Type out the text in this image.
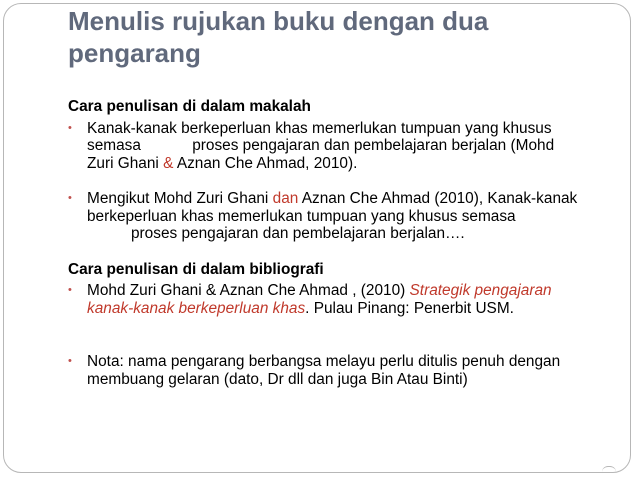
Menulis rujukan buku dengan dua pengarang

Cara penulisan di dalam makalah

• Kanak-kanak berkeperluan khas memerlukan tumpuan yang khusus
semasa	proses pengajaran dan pembelajaran berjalan (Mohd
Zuri Ghani & Aznan Che Ahmad, 2010).
• Mengikut Mohd Zuri Ghani dan Aznan Che Ahmad (2010), Kanak-kanak
berkeperluan khas memerlukan tumpuan yang khusus semasa
proses pengajaran dan pembelajaran berjalan….

Cara penulisan di dalam bibliografi

• Mohd Zuri Ghani & Aznan Che Ahmad , (2010) Strategik pengajaran
kanak-kanak berkeperluan khas. Pulau Pinang: Penerbit USM.
• Nota: nama pengarang berbangsa melayu perlu ditulis penuh dengan
membuang gelaran (dato, Dr dll dan juga Bin Atau Binti)
